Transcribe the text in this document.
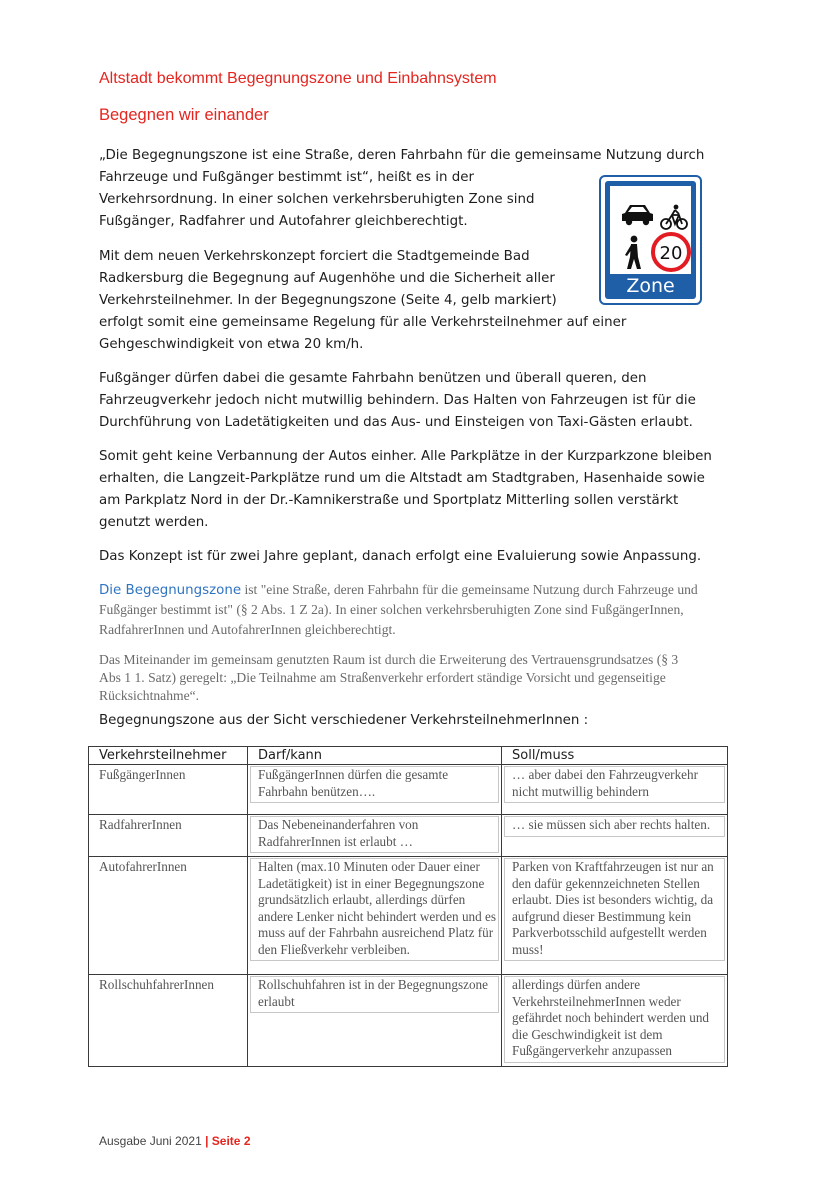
Altstadt bekommt Begegnungszone und Einbahnsystem
Begegnen wir einander
„Die Begegnungszone ist eine Straße, deren Fahrbahn für die gemeinsame Nutzung durch
Fahrzeuge und Fußgänger bestimmt ist“, heißt es in der
Verkehrsordnung. In einer solchen verkehrsberuhigten Zone sind
Fußgänger, Radfahrer und Autofahrer gleichberechtigt.
Mit dem neuen Verkehrskonzept forciert die Stadtgemeinde Bad
Radkersburg die Begegnung auf Augenhöhe und die Sicherheit aller
Verkehrsteilnehmer. In der Begegnungszone (Seite 4, gelb markiert)
erfolgt somit eine gemeinsame Regelung für alle Verkehrsteilnehmer auf einer
Gehgeschwindigkeit von etwa 20 km/h.
Fußgänger dürfen dabei die gesamte Fahrbahn benützen und überall queren, den
Fahrzeugverkehr jedoch nicht mutwillig behindern. Das Halten von Fahrzeugen ist für die
Durchführung von Ladetätigkeiten und das Aus- und Einsteigen von Taxi-Gästen erlaubt.
Somit geht keine Verbannung der Autos einher. Alle Parkplätze in der Kurzparkzone bleiben
erhalten, die Langzeit-Parkplätze rund um die Altstadt am Stadtgraben, Hasenhaide sowie
am Parkplatz Nord in der Dr.-Kamnikerstraße und Sportplatz Mitterling sollen verstärkt
genutzt werden.
Das Konzept ist für zwei Jahre geplant, danach erfolgt eine Evaluierung sowie Anpassung.
Die Begegnungszone ist "eine Straße, deren Fahrbahn für die gemeinsame Nutzung durch Fahrzeuge und
Fußgänger bestimmt ist" (§ 2 Abs. 1 Z 2a). In einer solchen verkehrsberuhigten Zone sind FußgängerInnen,
RadfahrerInnen und AutofahrerInnen gleichberechtigt.
Das Miteinander im gemeinsam genutzten Raum ist durch die Erweiterung des Vertrauensgrundsatzes (§ 3
Abs 1 1. Satz) geregelt: „Die Teilnahme am Straßenverkehr erfordert ständige Vorsicht und gegenseitige
Rücksichtnahme“.
20
Zone
Begegnungszone aus der Sicht verschiedener VerkehrsteilnehmerInnen :
Verkehrsteilnehmer	Darf/kann	Soll/muss
FußgängerInnen	FußgängerInnen dürfen die gesamte Fahrbahn benützen….	… aber dabei den Fahrzeugverkehr nicht mutwillig behindern

RadfahrerInnen	Das Nebeneinanderfahren von RadfahrerInnen ist erlaubt …	… sie müssen sich aber rechts halten.

AutofahrerInnen	Halten (max.10 Minuten oder Dauer einer Ladetätigkeit) ist in einer Begegnungszone grundsätzlich erlaubt, allerdings dürfen andere Lenker nicht behindert werden und es muss auf der Fahrbahn ausreichend Platz für den Fließverkehr verbleiben.	Parken von Kraftfahrzeugen ist nur an den dafür gekennzeichneten Stellen erlaubt. Dies ist besonders wichtig, da aufgrund dieser Bestimmung kein Parkverbotsschild aufgestellt werden muss!

RollschuhfahrerInnen	Rollschuhfahren ist in der Begegnungszone erlaubt	allerdings dürfen andere VerkehrsteilnehmerInnen weder gefährdet noch behindert werden und die Geschwindigkeit ist dem Fußgängerverkehr anzupassen
Ausgabe Juni 2021 | Seite 2
